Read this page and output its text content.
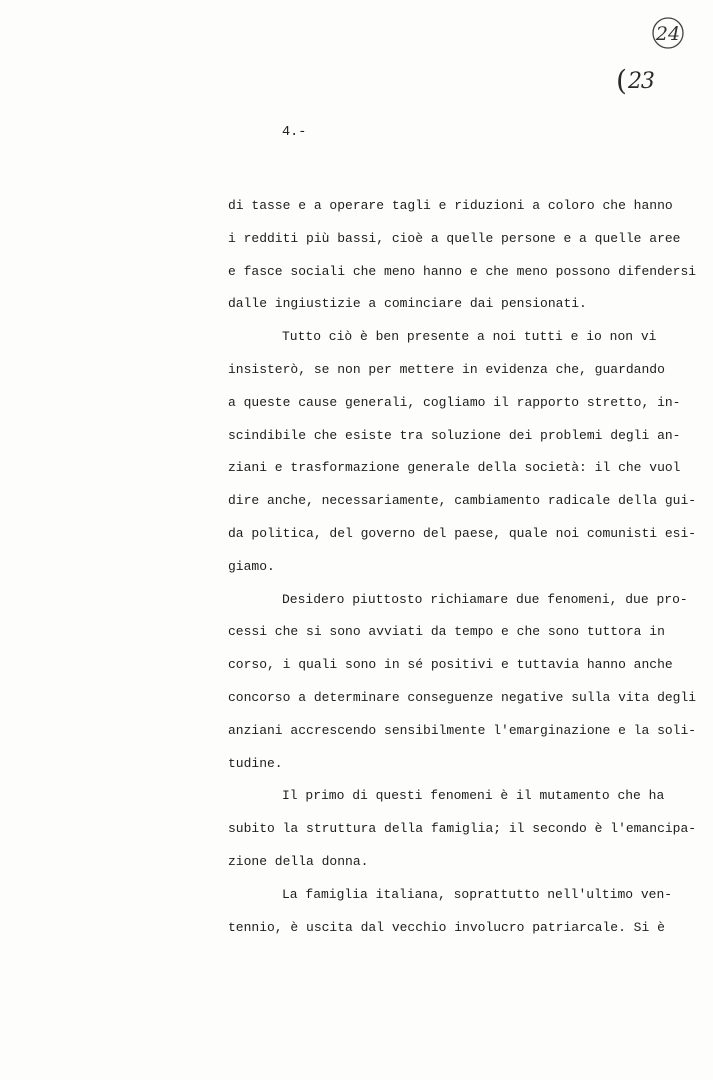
24
(23
4.-
di tasse e a operare tagli e riduzioni a coloro che hanno
i redditi più bassi, cioè a quelle persone e a quelle aree
e fasce sociali che meno hanno e che meno possono difendersi
dalle ingiustizie a cominciare dai pensionati.
Tutto ciò è ben presente a noi tutti e io non vi
insisterò, se non per mettere in evidenza che, guardando
a queste cause generali, cogliamo il rapporto stretto, in-
scindibile che esiste tra soluzione dei problemi degli an-
ziani e trasformazione generale della società: il che vuol
dire anche, necessariamente, cambiamento radicale della gui-
da politica, del governo del paese, quale noi comunisti esi-
giamo.
Desidero piuttosto richiamare due fenomeni, due pro-
cessi che si sono avviati da tempo e che sono tuttora in
corso, i quali sono in sé positivi e tuttavia hanno anche
concorso a determinare conseguenze negative sulla vita degli
anziani accrescendo sensibilmente l'emarginazione e la soli-
tudine.
Il primo di questi fenomeni è il mutamento che ha
subito la struttura della famiglia; il secondo è l'emancipa-
zione della donna.
La famiglia italiana, soprattutto nell'ultimo ven-
tennio, è uscita dal vecchio involucro patriarcale. Si è
